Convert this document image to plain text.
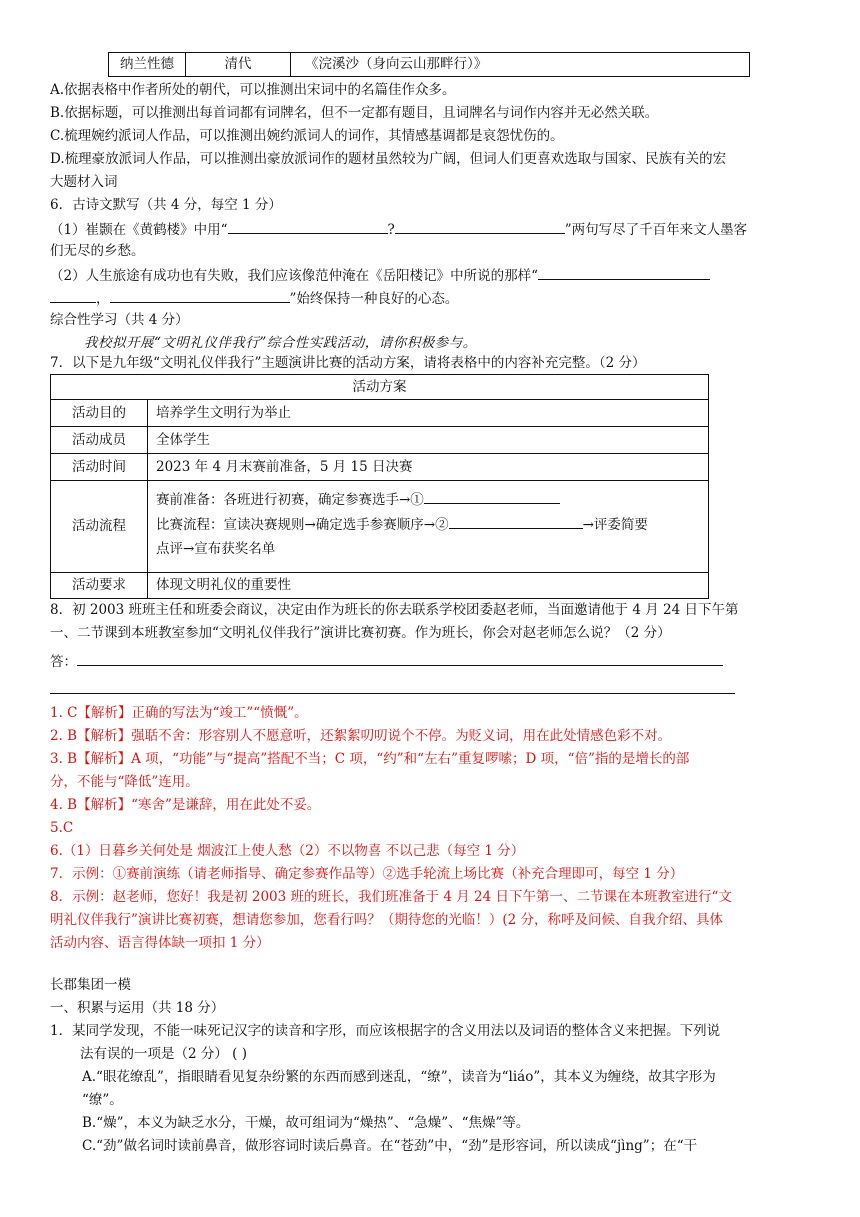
纳兰性德	清代	《浣溪沙（身向云山那畔行）》
A.依据表格中作者所处的朝代，可以推测出宋词中的名篇佳作众多。
B.依据标题，可以推测出每首词都有词牌名，但不一定都有题目，且词牌名与词作内容并无必然关联。
C.梳理婉约派词人作品，可以推测出婉约派词人的词作，其情感基调都是哀怨忧伤的。
D.梳理豪放派词人作品，可以推测出豪放派词作的题材虽然较为广阔，但词人们更喜欢选取与国家、民族有关的宏
大题材入词
6．古诗文默写（共 4 分，每空 1 分）
（1）崔颢在《黄鹤楼》中用“	?	”两句写尽了千百年来文人墨客
们无尽的乡愁。
（2）人生旅途有成功也有失败，我们应该像范仲淹在《岳阳楼记》中所说的那样“
，	”始终保持一种良好的心态。
综合性学习（共 4 分）
我校拟开展“文明礼仪伴我行”综合性实践活动，请你积极参与。
7．以下是九年级“文明礼仪伴我行”主题演讲比赛的活动方案，请将表格中的内容补充完整。（2 分）
活动方案	
活动目的	培养学生文明行为举止
活动成员	全体学生
活动时间	2023 年 4 月末赛前准备，5 月 15 日决赛
活动流程	赛前准备：各班进行初赛，确定参赛选手→①
比赛流程：宣读决赛规则→确定选手参赛顺序→② →评委简要
点评→宣布获奖名单

活动要求	体现文明礼仪的重要性
8．初 2003 班班主任和班委会商议，决定由作为班长的你去联系学校团委赵老师，当面邀请他于 4 月 24 日下午第
一、二节课到本班教室参加“文明礼仪伴我行”演讲比赛初赛。作为班长，你会对赵老师怎么说？（2 分）
答：
1. C【解析】正确的写法为“竣工”“愤慨”。
2. B【解析】强聒不舍：形容别人不愿意听，还絮絮叨叨说个不停。为贬义词，用在此处情感色彩不对。
3. B【解析】A 项，“功能”与“提高”搭配不当；C 项，“约”和“左右”重复啰嗦；D 项，“倍”指的是增长的部
分，不能与“降低”连用。
4. B【解析】“寒舍”是谦辞，用在此处不妥。
5.C
6.（1）日暮乡关何处是 烟波江上使人愁（2）不以物喜 不以己悲（每空 1 分）
7．示例：①赛前演练（请老师指导、确定参赛作品等）②选手轮流上场比赛（补充合理即可，每空 1 分）
8．示例：赵老师，您好！我是初 2003 班的班长，我们班准备于 4 月 24 日下午第一、二节课在本班教室进行“文
明礼仪伴我行”演讲比赛初赛，想请您参加，您看行吗？（期待您的光临！）(2 分，称呼及问候、自我介绍、具体
活动内容、语言得体缺一项扣 1 分）
长郡集团一模
一、积累与运用（共 18 分）
1．某同学发现，不能一味死记汉字的读音和字形，而应该根据字的含义用法以及词语的整体含义来把握。下列说
法有误的一项是（2 分） ( )
A.“眼花缭乱”，指眼睛看见复杂纷繁的东西而感到迷乱，“缭”，读音为“liáo”，其本义为缠绕，故其字形为
“缭”。
B.“燥”，本义为缺乏水分，干燥，故可组词为“燥热”、“急燥”、“焦燥”等。
C.“劲”做名词时读前鼻音，做形容词时读后鼻音。在“苍劲”中，“劲”是形容词，所以读成“jìng”；在“干
